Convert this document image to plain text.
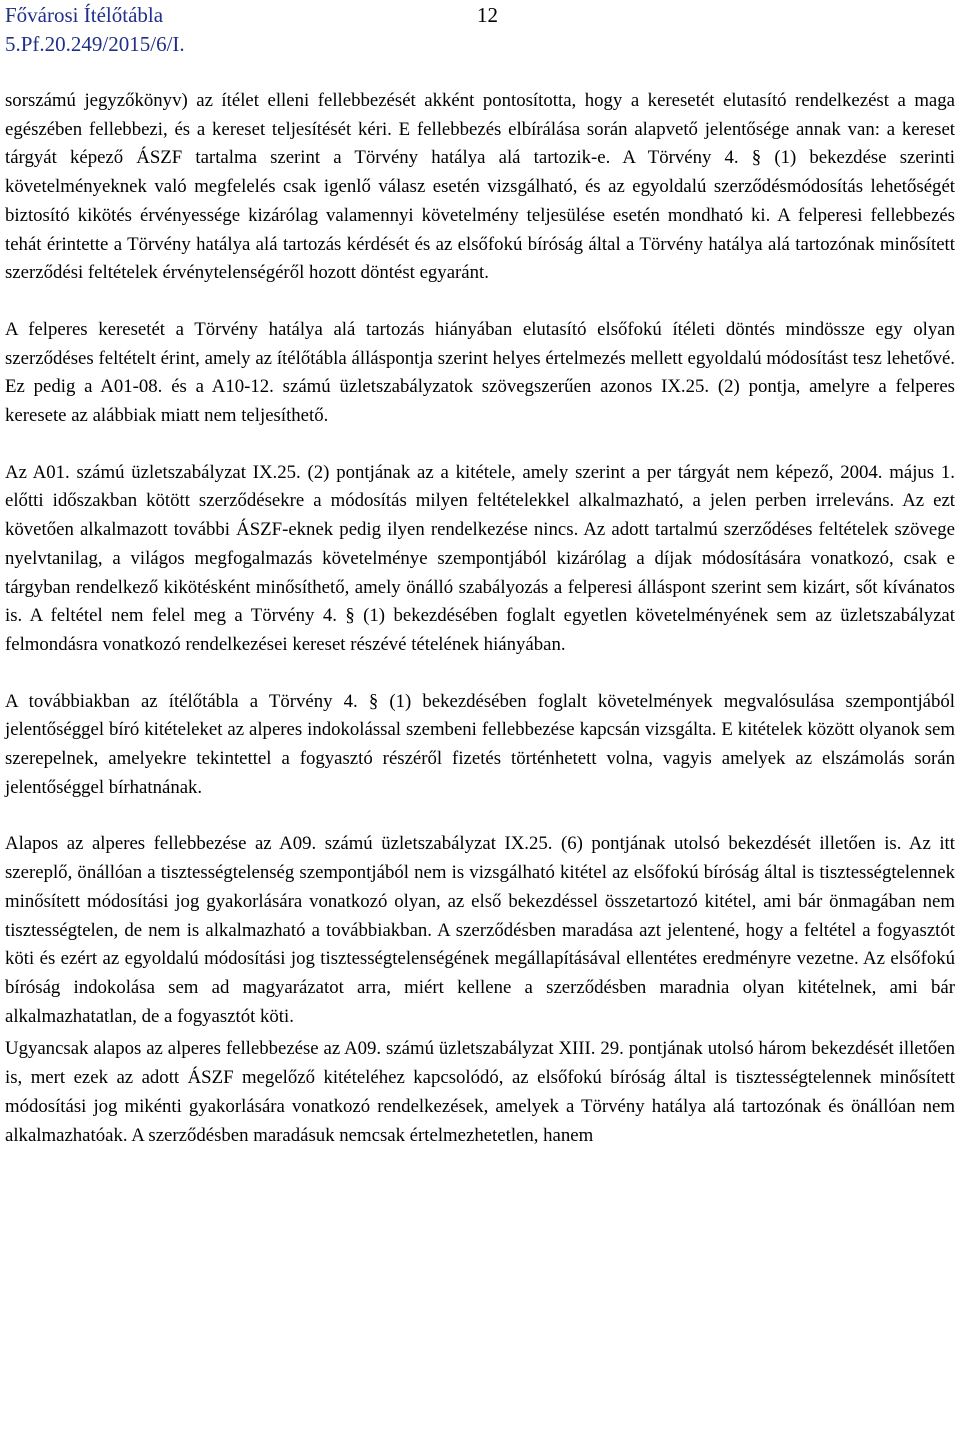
Fővárosi Ítélőtábla
5.Pf.20.249/2015/6/I.
12

sorszámú jegyzőkönyv) az ítélet elleni fellebbezését akként pontosította, hogy a keresetét elutasító rendelkezést a maga egészében fellebbezi, és a kereset teljesítését kéri. E fellebbezés elbírálása során alapvető jelentősége annak van: a kereset tárgyát képező ÁSZF tartalma szerint a Törvény hatálya alá tartozik-e. A Törvény 4. § (1) bekezdése szerinti követelményeknek való megfelelés csak igenlő válasz esetén vizsgálható, és az egyoldalú szerződésmódosítás lehetőségét biztosító kikötés érvényessége kizárólag valamennyi követelmény teljesülése esetén mondható ki. A felperesi fellebbezés tehát érintette a Törvény hatálya alá tartozás kérdését és az elsőfokú bíróság által a Törvény hatálya alá tartozónak minősített szerződési feltételek érvénytelenségéről hozott döntést egyaránt.

A felperes keresetét a Törvény hatálya alá tartozás hiányában elutasító elsőfokú ítéleti döntés mindössze egy olyan szerződéses feltételt érint, amely az ítélőtábla álláspontja szerint helyes értelmezés mellett egyoldalú módosítást tesz lehetővé. Ez pedig a A01-08. és a A10-12. számú üzletszabályzatok szövegszerűen azonos IX.25. (2) pontja, amelyre a felperes keresete az alábbiak miatt nem teljesíthető.

Az A01. számú üzletszabályzat IX.25. (2) pontjának az a kitétele, amely szerint a per tárgyát nem képező, 2004. május 1. előtti időszakban kötött szerződésekre a módosítás milyen feltételekkel alkalmazható, a jelen perben irreleváns. Az ezt követően alkalmazott további ÁSZF-eknek pedig ilyen rendelkezése nincs. Az adott tartalmú szerződéses feltételek szövege nyelvtanilag, a világos megfogalmazás követelménye szempontjából kizárólag a díjak módosítására vonatkozó, csak e tárgyban rendelkező kikötésként minősíthető, amely önálló szabályozás a felperesi álláspont szerint sem kizárt, sőt kívánatos is. A feltétel nem felel meg a Törvény 4. § (1) bekezdésében foglalt egyetlen követelményének sem az üzletszabályzat felmondásra vonatkozó rendelkezései kereset részévé tételének hiányában.

A továbbiakban az ítélőtábla a Törvény 4. § (1) bekezdésében foglalt követelmények megvalósulása szempontjából jelentőséggel bíró kitételeket az alperes indokolással szembeni fellebbezése kapcsán vizsgálta. E kitételek között olyanok sem szerepelnek, amelyekre tekintettel a fogyasztó részéről fizetés történhetett volna, vagyis amelyek az elszámolás során jelentőséggel bírhatnának.

Alapos az alperes fellebbezése az A09. számú üzletszabályzat IX.25. (6) pontjának utolsó bekezdését illetően is. Az itt szereplő, önállóan a tisztességtelenség szempontjából nem is vizsgálható kitétel az elsőfokú bíróság által is tisztességtelennek minősített módosítási jog gyakorlására vonatkozó olyan, az első bekezdéssel összetartozó kitétel, ami bár önmagában nem tisztességtelen, de nem is alkalmazható a továbbiakban. A szerződésben maradása azt jelentené, hogy a feltétel a fogyasztót köti és ezért az egyoldalú módosítási jog tisztességtelenségének megállapításával ellentétes eredményre vezetne. Az elsőfokú bíróság indokolása sem ad magyarázatot arra, miért kellene a szerződésben maradnia olyan kitételnek, ami bár alkalmazhatatlan, de a fogyasztót köti.

Ugyancsak alapos az alperes fellebbezése az A09. számú üzletszabályzat XIII. 29. pontjának utolsó három bekezdését illetően is, mert ezek az adott ÁSZF megelőző kitételéhez kapcsolódó, az elsőfokú bíróság által is tisztességtelennek minősített módosítási jog mikénti gyakorlására vonatkozó rendelkezések, amelyek a Törvény hatálya alá tartozónak és önállóan nem alkalmazhatóak. A szerződésben maradásuk nemcsak értelmezhetetlen, hanem
